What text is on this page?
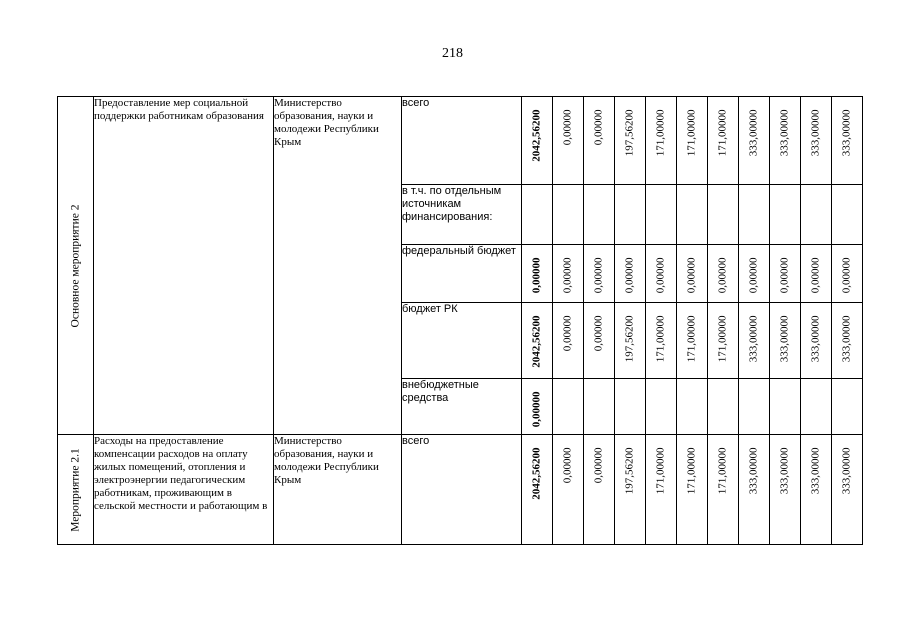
218
Основное мероприятие 2	Предоставление мер социальной поддержки работникам образования	Министерство образования, науки и молодежи Республики Крым	всего	2042,56200	0,00000	0,00000	197,56200	171,00000	171,00000	171,00000	333,00000	333,00000	333,00000	333,00000

			в т.ч. по отдельным источникам финансирования:											
			федеральный бюджет	0,00000	0,00000	0,00000	0,00000	0,00000	0,00000	0,00000	0,00000	0,00000	0,00000	0,00000

			бюджет РК	2042,56200	0,00000	0,00000	197,56200	171,00000	171,00000	171,00000	333,00000	333,00000	333,00000	333,00000

			внебюджетные средства	0,00000										

Мероприятие 2.1	Расходы на предоставление компенсации расходов на оплату жилых помещений, отопления и электроэнергии педагогическим работникам, проживающим в сельской местности и работающим в	Министерство образования, науки и молодежи Республики Крым	всего	2042,56200	0,00000	0,00000	197,56200	171,00000	171,00000	171,00000	333,00000	333,00000	333,00000	333,00000
